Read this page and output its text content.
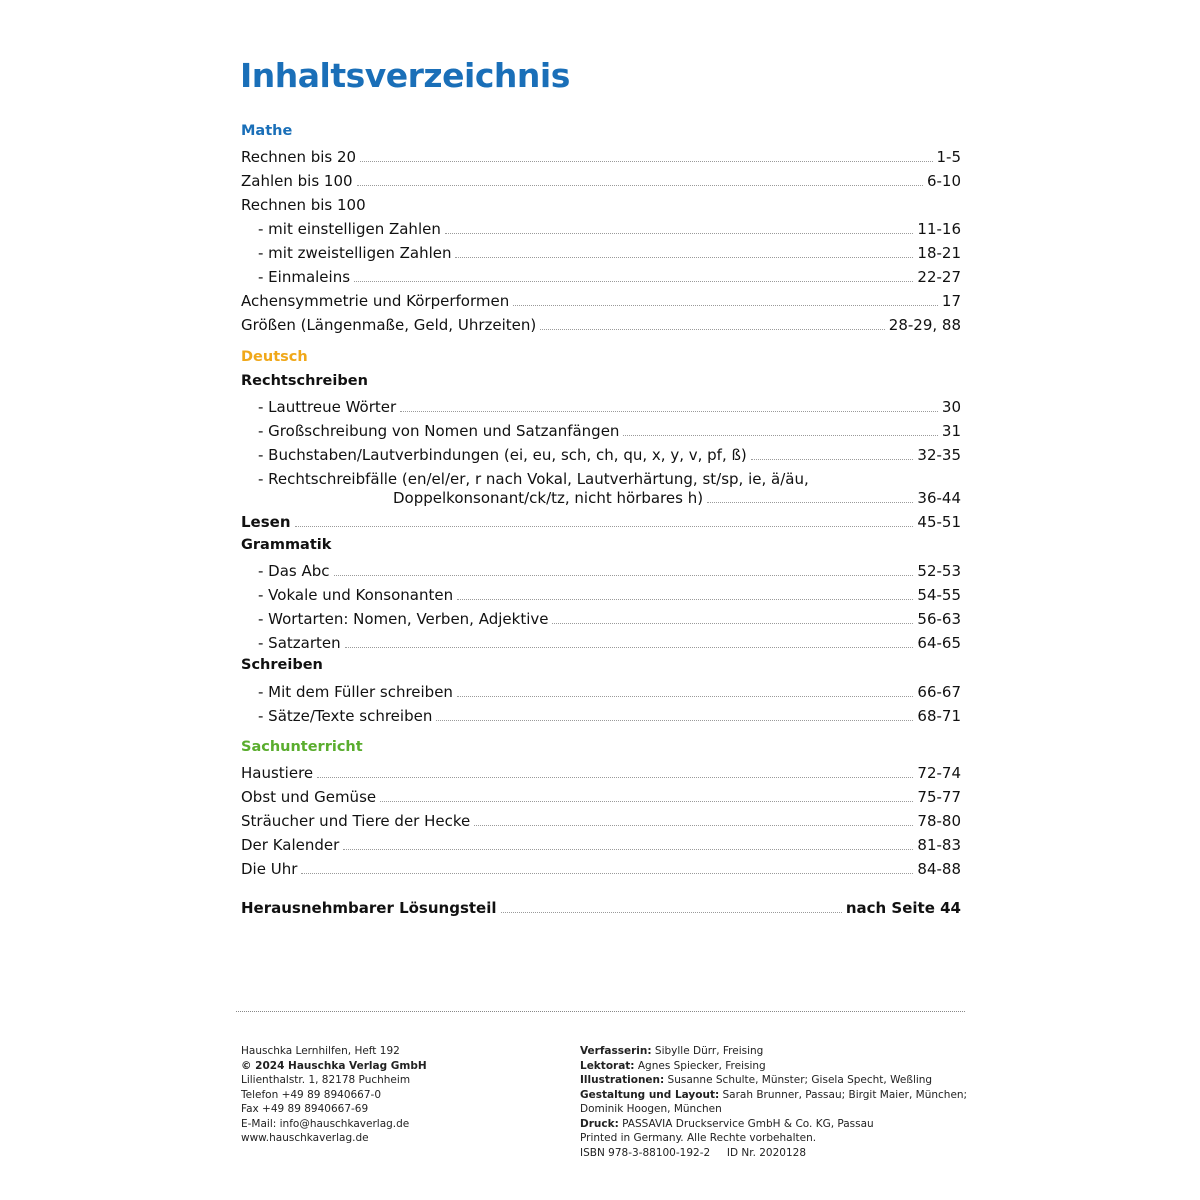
Inhaltsverzeichnis
Mathe
Rechnen bis 20	1-5
Zahlen bis 100	6-10
Rechnen bis 100
- mit einstelligen Zahlen	11-16
- mit zweistelligen Zahlen	18-21
- Einmaleins	22-27
Achensymmetrie und Körperformen	17
Größen (Längenmaße, Geld, Uhrzeiten)	28-29, 88
Deutsch
Rechtschreiben
- Lauttreue Wörter	30
- Großschreibung von Nomen und Satzanfängen	31
- Buchstaben/Lautverbindungen (ei, eu, sch, ch, qu, x, y, v, pf, ß)	32-35
- Rechtschreibfälle (en/el/er, r nach Vokal, Lautverhärtung, st/sp, ie, ä/äu,
Doppelkonsonant/ck/tz, nicht hörbares h)	36-44
Lesen	45-51
Grammatik
- Das Abc	52-53
- Vokale und Konsonanten	54-55
- Wortarten: Nomen, Verben, Adjektive	56-63
- Satzarten	64-65
Schreiben
- Mit dem Füller schreiben	66-67
- Sätze/Texte schreiben	68-71
Sachunterricht
Haustiere	72-74
Obst und Gemüse	75-77
Sträucher und Tiere der Hecke	78-80
Der Kalender	81-83
Die Uhr	84-88
Herausnehmbarer Lösungsteil	nach Seite 44
Hauschka Lernhilfen, Heft 192
© 2024 Hauschka Verlag GmbH
Lilienthalstr. 1, 82178 Puchheim
Telefon +49 89 8940667-0
Fax +49 89 8940667-69
E-Mail: info@hauschkaverlag.de
www.hauschkaverlag.de
Verfasserin: Sibylle Dürr, Freising
Lektorat: Agnes Spiecker, Freising
Illustrationen: Susanne Schulte, Münster; Gisela Specht, Weßling
Gestaltung und Layout: Sarah Brunner, Passau; Birgit Maier, München;
Dominik Hoogen, München
Druck: PASSAVIA Druckservice GmbH & Co. KG, Passau
Printed in Germany. Alle Rechte vorbehalten.
ISBN 978-3-88100-192-2     ID Nr. 2020128
